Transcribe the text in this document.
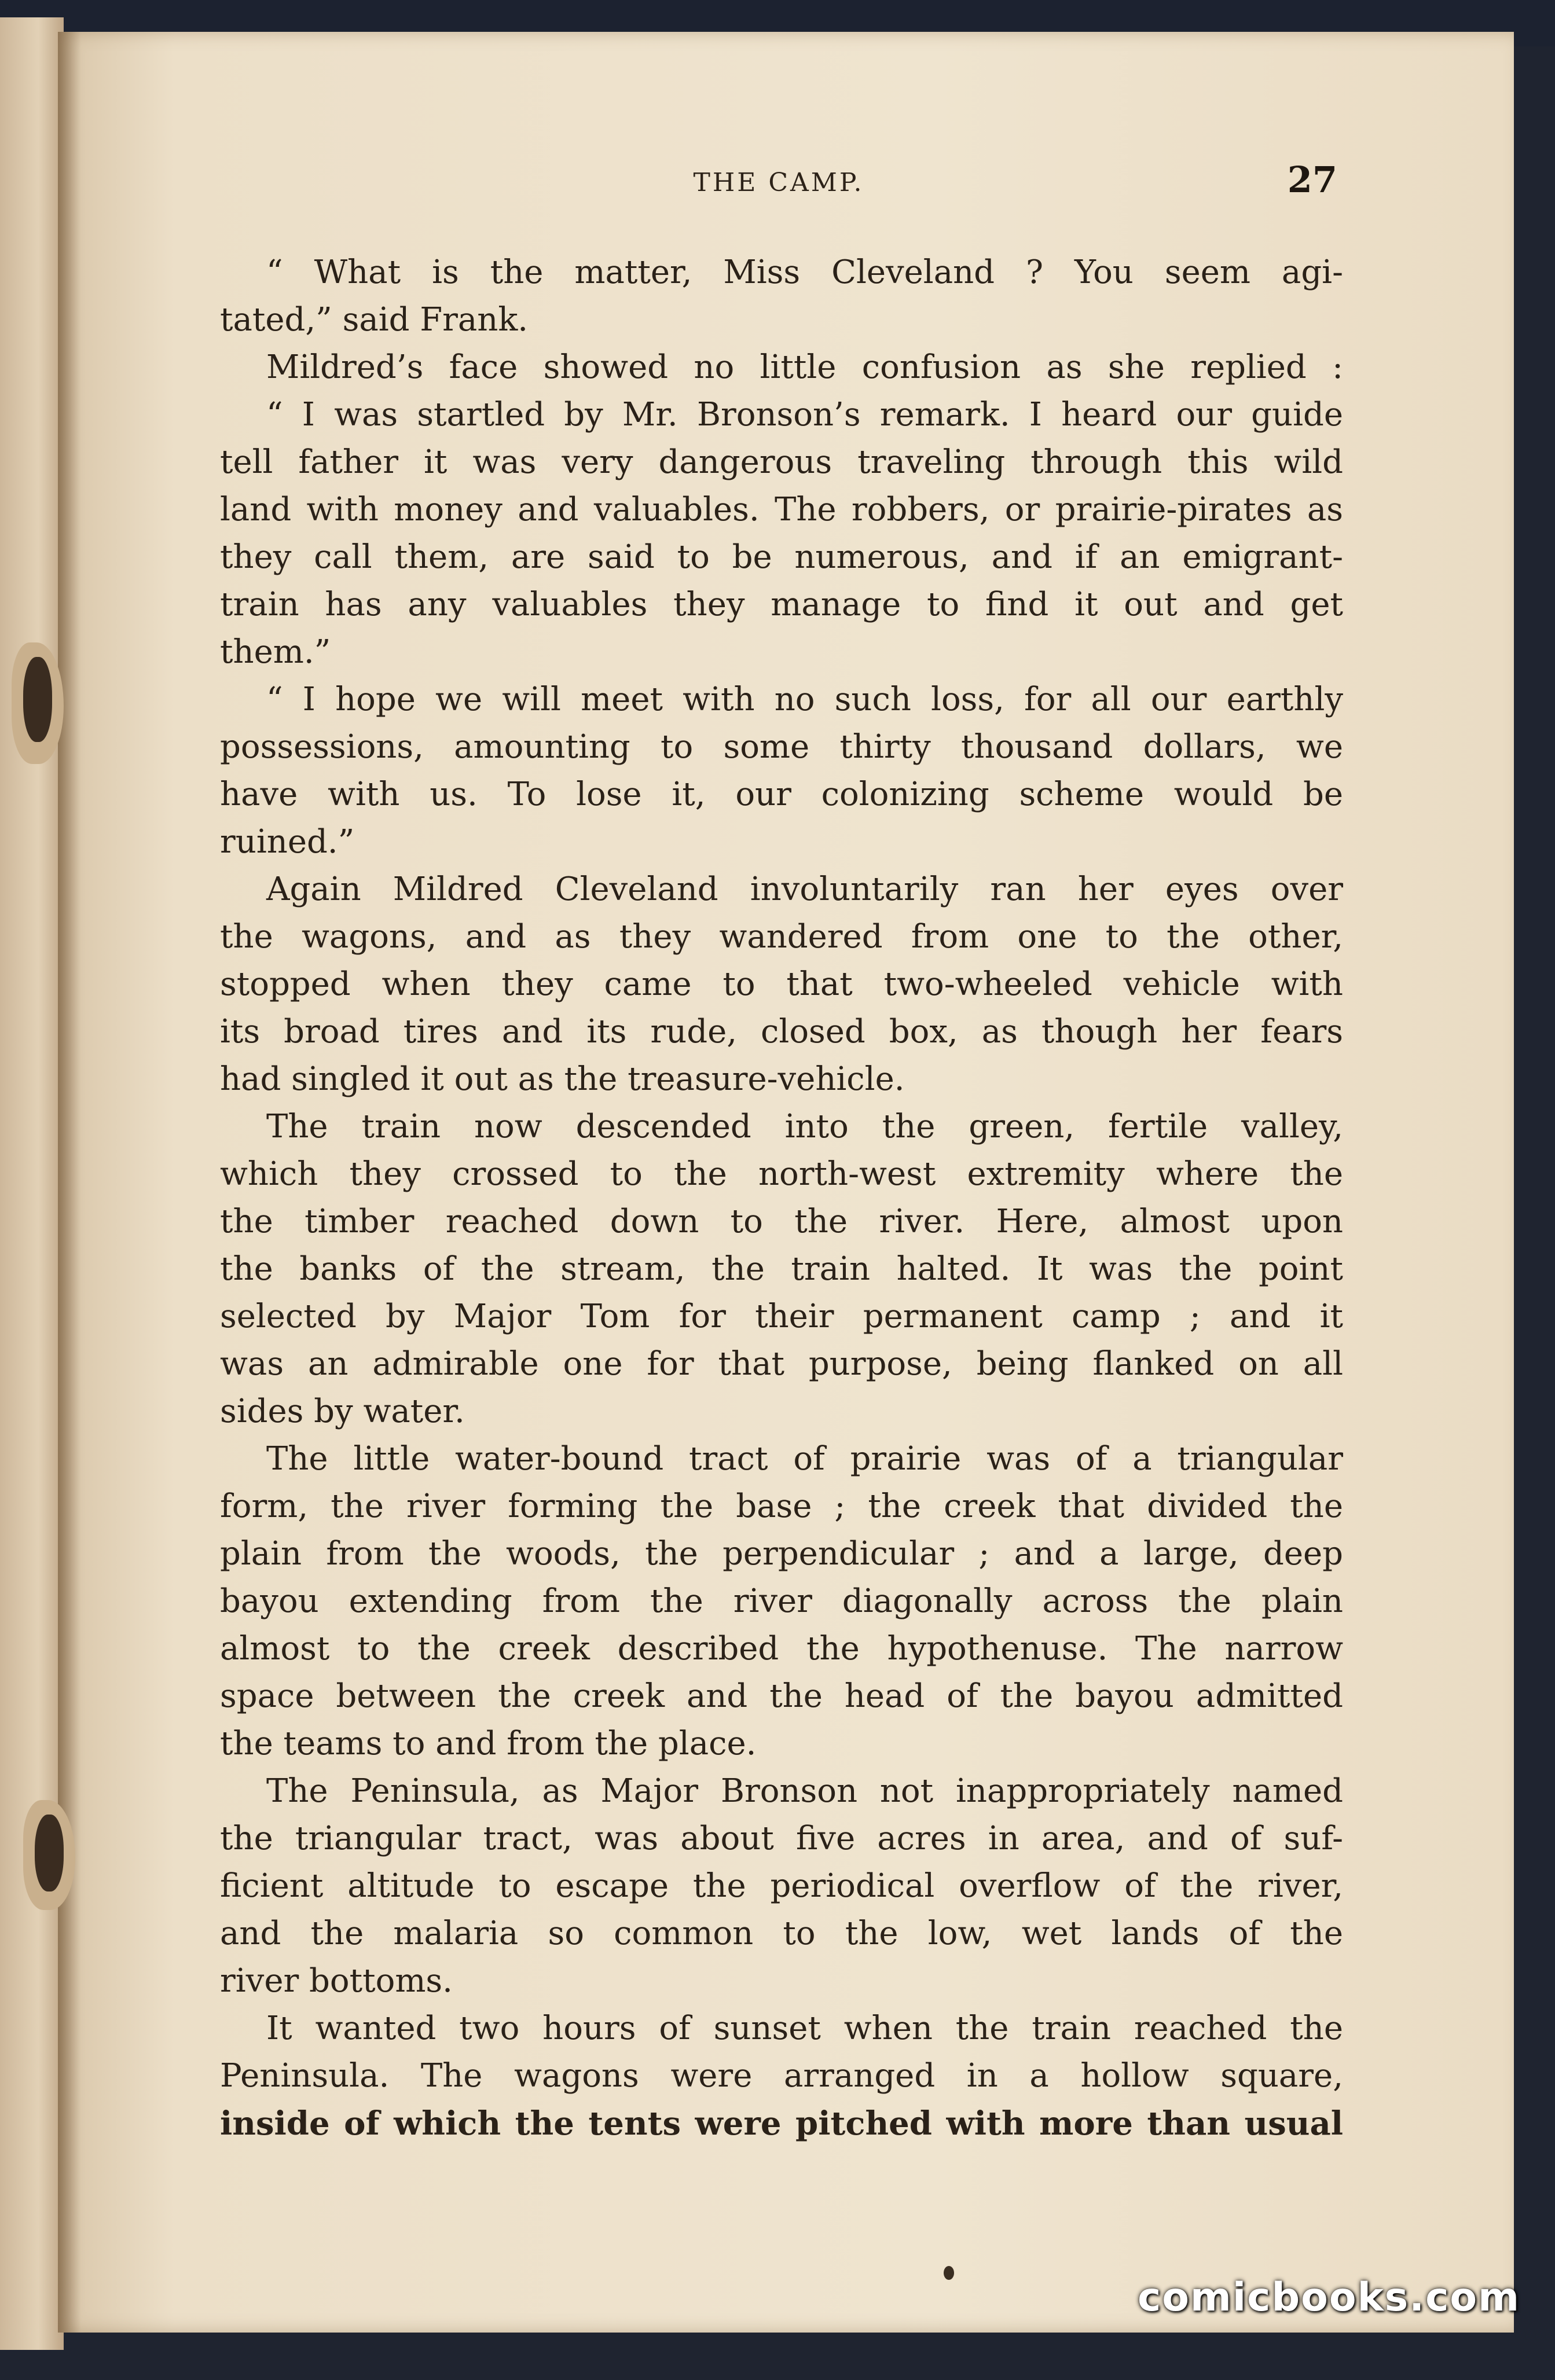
THE CAMP.	27
“ What is the matter, Miss Cleveland ? You seem agi-
tated,” said Frank.
Mildred’s face showed no little confusion as she replied :
“ I was startled by Mr. Bronson’s remark. I heard our guide
tell father it was very dangerous traveling through this wild
land with money and valuables. The robbers, or prairie-pirates as
they call them, are said to be numerous, and if an emigrant-
train has any valuables they manage to find it out and get
them.”
“ I hope we will meet with no such loss, for all our earthly
possessions, amounting to some thirty thousand dollars, we
have with us. To lose it, our colonizing scheme would be
ruined.”
Again Mildred Cleveland involuntarily ran her eyes over
the wagons, and as they wandered from one to the other,
stopped when they came to that two-wheeled vehicle with
its broad tires and its rude, closed box, as though her fears
had singled it out as the treasure-vehicle.
The train now descended into the green, fertile valley,
which they crossed to the north-west extremity where the
the timber reached down to the river. Here, almost upon
the banks of the stream, the train halted. It was the point
selected by Major Tom for their permanent camp ; and it
was an admirable one for that purpose, being flanked on all
sides by water.
The little water-bound tract of prairie was of a triangular
form, the river forming the base ; the creek that divided the
plain from the woods, the perpendicular ; and a large, deep
bayou extending from the river diagonally across the plain
almost to the creek described the hypothenuse. The narrow
space between the creek and the head of the bayou admitted
the teams to and from the place.
The Peninsula, as Major Bronson not inappropriately named
the triangular tract, was about five acres in area, and of suf-
ficient altitude to escape the periodical overflow of the river,
and the malaria so common to the low, wet lands of the
river bottoms.
It wanted two hours of sunset when the train reached the
Peninsula. The wagons were arranged in a hollow square,
inside of which the tents were pitched with more than usual
comicbooks.com
